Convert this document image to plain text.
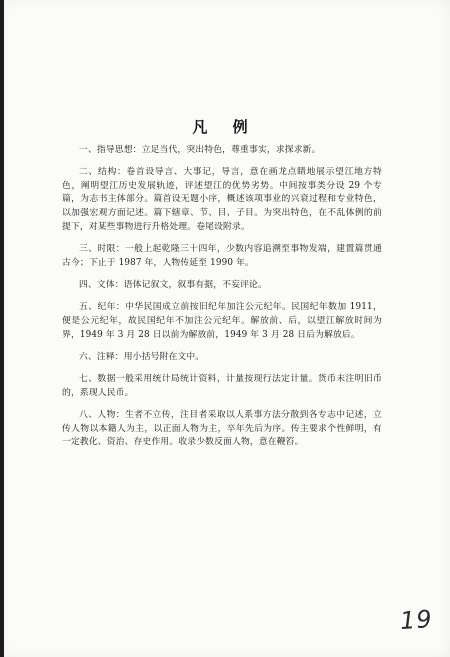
凡 例

一、指导思想：立足当代，突出特色，尊重事实，求探求新。

二、结构：卷首设导言、大事记，导言，意在画龙点睛地展示望江地方特色，阐明望江历史发展轨迹，评述望江的优势劣势。中间按事类分设 29 个专篇，为志书主体部分。篇首设无题小序，概述该项事业的兴衰过程和专业特色，以加强宏观方面记述。篇下辖章、节、目、子目。为突出特色，在不乱体例的前提下，对某些事物进行升格处理。卷尾设附录。

三、时限：一般上起乾隆三十四年，少数内容追溯至事物发端，建置篇贯通古今；下止于 1987 年，人物传延至 1990 年。

四、文体：语体记叙文，叙事有据，不妄评论。

五、纪年：中华民国成立前按旧纪年加注公元纪年。民国纪年数加 1911，便是公元纪年，故民国纪年不加注公元纪年。解放前、后，以望江解放时间为界，1949 年 3 月 28 日以前为解放前，1949 年 3 月 28 日后为解放后。

六、注释：用小括号附在文中。

七、数据一般采用统计局统计资料，计量按现行法定计量。货币未注明旧币的，系现人民币。

八、人物：生者不立传，注目者采取以人系事方法分散到各专志中记述，立传人物以本籍人为主，以正面人物为主，卒年先后为序。传主要求个性鲜明，有一定教化、资治、存史作用。收录少数反面人物，意在鞭笞。

19
